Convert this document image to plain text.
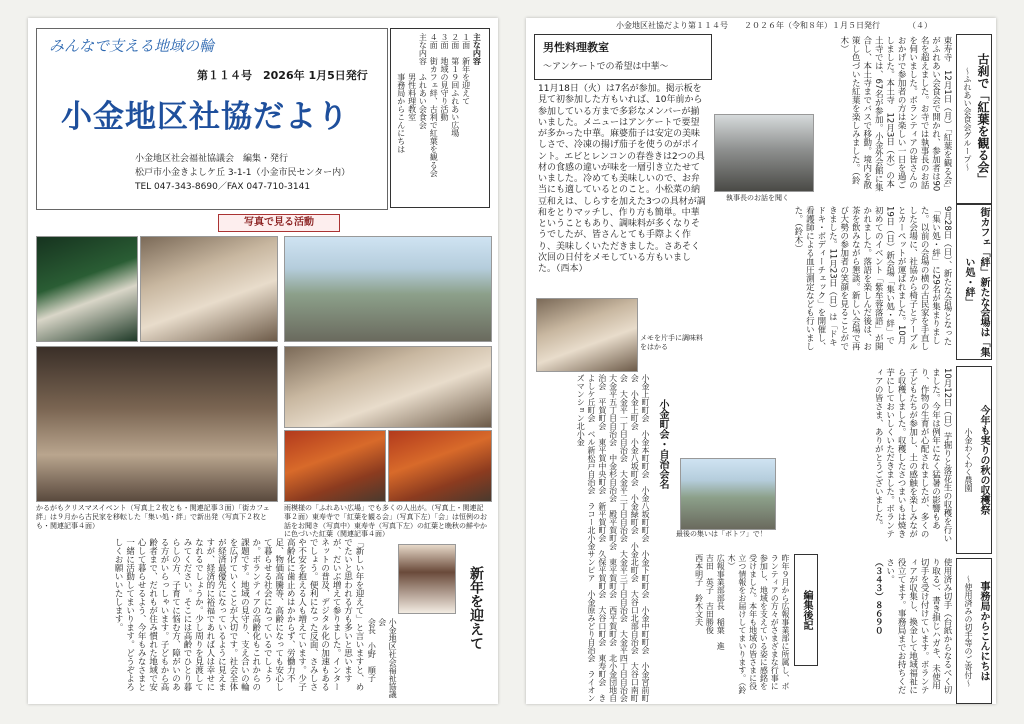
みんなで支える地域の輪
第１１４号　2026年 1月5日発行
小金地区社協だより
小金地区社会福祉協議会　編集・発行
松戸市小金きよしケ丘 3-1-1（小金市民センター内）
TEL 047-343-8690／FAX 047-710-3141
主な内容
１面　新年を迎えて
２面　第１９回ふれあい広場
３面　地域の見守り活動
４面　街カフェ絆、古利で紅葉を観る会
主な内容　ふれあい会食会
　　　　　男性料理教室
　　　　　事務局からこんにちは
写真で見る活動
かるがもクリスマスイベント（写真上２枚とも・関連記事３面）「街カフェ絆」は９月から古民家を移転した「集い処・絆」で新出発（写真下２枚とも・関連記事４面）
雨模様の「ふれあい広場」でも多くの人出が。（写真上・関連記事２面）東寿寺で「紅葉を観る会」（写真下左）「会」は恒例のお話をお聞き（写真中）東寿寺（写真下左）の紅葉と晩秋の鮮やかに色づいた紅葉（関連記事４面）
新年を迎えて
小金地区社会福祉協議会
会長　小野　順子
「新しい年を迎えて」と言いますと、めでたいと思われる方も多いと思いますが、だいぶ増えて参りました。インターネットの普及、デジタル化の加速もあるでしょう。便利になった反面、さみしさや不安を抱える人も増えています。少子高齢化に歯止めはかからず、労働力不足、物価高騰等、高齢になっても安心して暮らせる社会になっているでしょうか。ボランティアの高齢化もこれからの課題です。地域の見守り、支え合いの輪を広げていくことが大切です。社会全体が経済最優先になっているように見えますが、経済的に裕福であれば人は幸せになれるでしょうか。少し周りを見渡してみてください。そこには高齢でひとり暮らしの方、子育てに悩む方、障がいのある方がいらっしゃいます。子どもから高齢者まで、だれもが住み慣れた地域で安心して暮らせるよう、今年もみなさまと一緒に活動してまいります。どうぞよろしくお願いいたします。
小金地区社協だより第１１４号　　２０２６年（令和８年）１月５日発行　　　　（４）
男性料理教室
〜アンケートでの希望は中華〜
11月18日（火）は7名が参加。掲示板を見て初参加した方もいれば、10年前から参加している方まで多彩なメンバーが揃いました。メニューはアンケートで要望が多かった中華。麻婆茄子は安定の美味しさで、冷凍の揚げ茄子を使うのがポイント。エビとレンコンの春巻きは2つの具材の食感の違いが味を一層引き立たせていました。冷めても美味しいので、お弁当にも適しているとのこと。小松菜の納豆和えは、しらすを加えた3つの具材が調和をとりマッチし、作り方も簡単。中華ということもあり、調味料が多くなりそうでしたが、皆さんとても手際よく作り、美味しくいただきました。さあそく次回の日付をメモしている方もいました。（西本）
メモを片手に調味料をはかる
古刹で「紅葉を観る会」
〜ふれあい会食会グループ〜
東寿寺　12月1日（月）「紅葉を観る会」がふれあい会食会で開かれ、参加者は90名を超えました。お寺では執事長のお話を伺いました。ボランティアの皆さんのおかげで参加者の方は楽しい一日を過ごしました。本土寺　12月3日（水）の本土寺では、67名が参加。小金外会館に集合し、本土寺までバスで移動。境内を散策し色づいた紅葉を楽しみました。（鈴木）
執事長のお話を聞く
街カフェ「絆」新たな会場は「集い処・絆」
9月28日（日）、新たな会場となった「集い処・絆」に29名が集まりました。以前の会場の横の古民家を手直しした会場に、社協から椅子とテーブルとカーペットが運ばれました。10月19日（日）新会場「集い処・絆」で初めてのイベント「紫牟蓉落語」が開かれました。落語を楽しんだ後は、お茶を飲みながら懇談。新しい会場で再び大勢の参加者の笑顔を見ることができました。11月23日（日）は「ドキドキ・ボディーチェック」を開催し、看護師による血圧測定なども行いました。（鈴木）
今年も実りの秋の収穫祭
小金わくわく農園
10月12日（日）芋掘りと落花生の収穫を行いました。今年は例年になく猛暑の影響もあり、作物の生育が心配されましたが、多くの子どもたちが参加し、土の感触を楽しみながら収穫しました。収穫したさつまいもは焼き芋にしておいしくいただきました。ボランティアの皆さま、ありがとうございました。
最後の集いは「ボトフ」で！
小金町会・自治会名
小金上町町会　小金本町町会　小金八坂町町会　小金下町町会　小金中町町会　小金宮前町会　小金上町会　小金八坂町会　小金緑町会　小金北町会　大谷口北部自治会　大谷口南町会　大金平一丁目自治会　大金平二丁目自治会　大金平三丁目自治会　大金平四丁目自治会　大金平五丁目自治会　中金杉自治会　殿平賀町会　東平賀町会　西平賀町会　北小金団地自治会　平賀町会　東平賀中央町会　新平賀町会　久保平賀町会　大谷口町会　東寿町会　きよしケ丘町会　ベル新松戸自治会　ラコー北小金サンピア　小金原みどり自治会　ライオンズマンション北小金
編集後記
昨年９月から広報事業部に所属し、ボランティアの方々がさまざまな行事に参加し、地域を支えている姿に感銘を受けました。本年も地域の皆さまに役立つ情報をお届けしてまいります。（鈴木）
広報事業部部長　稲葉　進
吉田　英子　吉田勝俊
西本明子　鈴木文夫	事務局からこんにちは
〜使用済みの切手等のご寄付〜
使用済み切手（台紙からなるべく切り取る）、書き損じハガキ、未使用切手を受け付けています。ボランティアが収集し、換金して地域福祉に役立てます。事務局までお持ちください。
（３４３）８６９０
